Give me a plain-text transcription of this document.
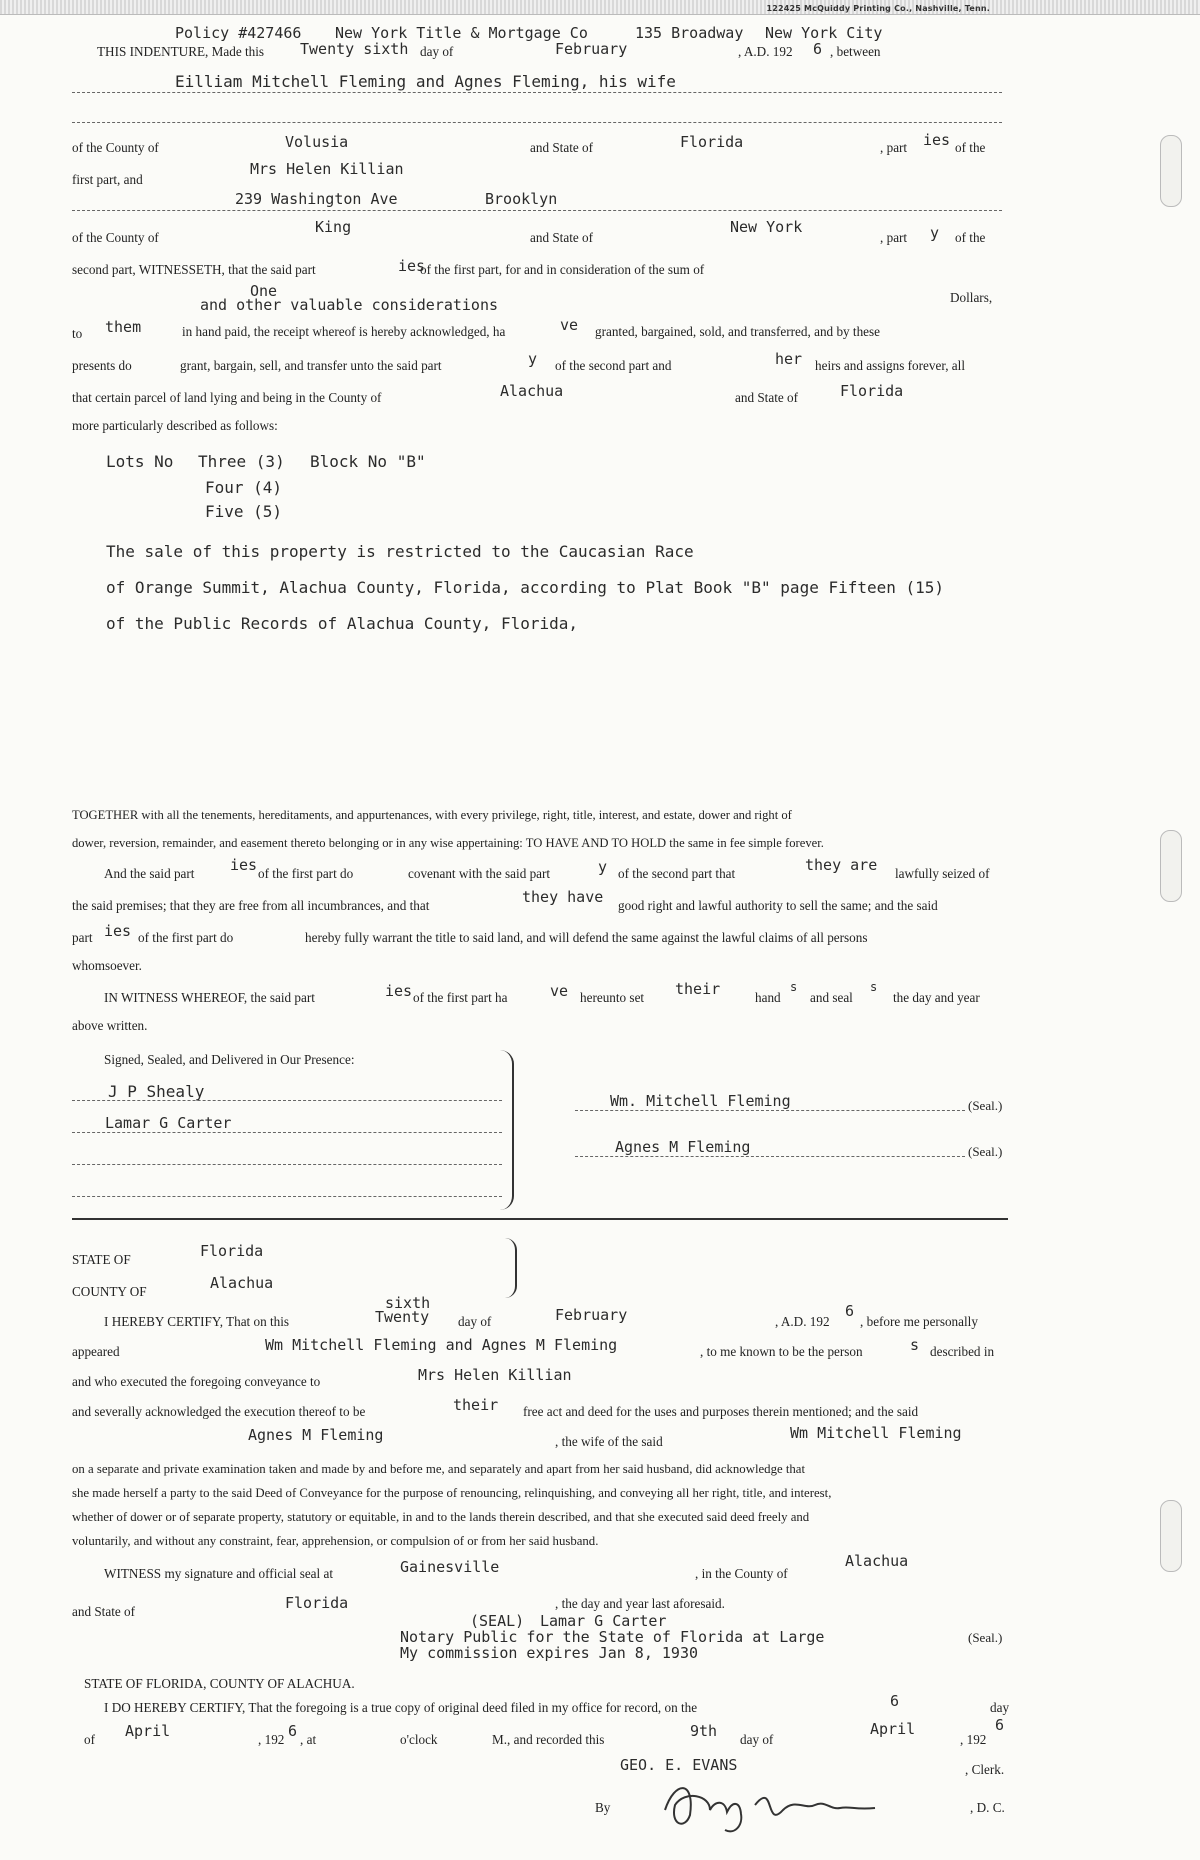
122425 McQuiddy Printing Co., Nashville, Tenn.
Policy #427466 New York Title & Mortgage Co	135 Broadway New York City
THIS INDENTURE, Made this Twenty sixth day of	February	, A.D. 192 6 , between
Eilliam Mitchell Fleming and Agnes Fleming, his wife
of the County of	Volusia	and State of	Florida	, part ies of the
first part, and
Mrs Helen Killian
239 Washington Ave	Brooklyn
of the County of
King
and State of
New York
, part y of the
second part, WITNESSETH, that the said part	ies
of the first part, for and in consideration of the sum of
One
and other valuable considerations	Dollars,
to them	in hand paid, the receipt whereof is hereby acknowledged, ha	ve granted, bargained, sold, and transferred, and by these
presents do	grant, bargain, sell, and transfer unto the said part	y of the second part and	her heirs and assigns forever, all
that certain parcel of land lying and being in the County of	Alachua	and State of	Florida
more particularly described as follows:
Lots No Three (3) Block No "B"
Four (4)
Five (5)
The sale of this property is restricted to the Caucasian Race
of Orange Summit, Alachua County, Florida, according to Plat Book "B" page Fifteen (15)
of the Public Records of Alachua County, Florida,
TOGETHER with all the tenements, hereditaments, and appurtenances, with every privilege, right, title, interest, and estate, dower and right of
dower, reversion, remainder, and easement thereto belonging or in any wise appertaining: TO HAVE AND TO HOLD the same in fee simple forever.
And the said part ies of the first part do	covenant with the said part	y of the second part that	they are lawfully seized of
the said premises; that they are free from all incumbrances, and that	they have good right and lawful authority to sell the same; and the said
part ies of the first part do	hereby fully warrant the title to said land, and will defend the same against the lawful claims of all persons
whomsoever.
IN WITNESS WHEREOF, the said part	ies of the first part ha	ve hereunto set their	hand
s
and seal
s
the day and year
above written.
Signed, Sealed, and Delivered in Our Presence:
J P Shealy
Lamar G Carter
Wm. Mitchell Fleming	(Seal.)
Agnes M Fleming	(Seal.)
STATE OF	Florida
COUNTY OF	Alachua
sixth
I HEREBY CERTIFY, That on this	Twenty day of	February	, A.D. 192
6
, before me personally
appeared	Wm Mitchell Fleming and Agnes M Fleming	, to me known to be the person	s described in
and who executed the foregoing conveyance to	Mrs Helen Killian
and severally acknowledged the execution thereof to be	their free act and deed for the uses and purposes therein mentioned; and the said
Agnes M Fleming	, the wife of the said	Wm Mitchell Fleming
on a separate and private examination taken and made by and before me, and separately and apart from her said husband, did acknowledge that
she made herself a party to the said Deed of Conveyance for the purpose of renouncing, relinquishing, and conveying all her right, title, and interest,
whether of dower or of separate property, statutory or equitable, in and to the lands therein described, and that she executed said deed freely and
voluntarily, and without any constraint, fear, apprehension, or compulsion of or from her said husband.
WITNESS my signature and official seal at	Gainesville	, in the County of
Alachua
and State of	Florida	, the day and year last aforesaid.
(SEAL) Lamar G Carter
Notary Public for the State of Florida at Large	(Seal.)
My commission expires Jan 8, 1930
STATE OF FLORIDA, COUNTY OF ALACHUA.
I DO HEREBY CERTIFY, That the foregoing is a true copy of original deed filed in my office for record, on the	6	day
of April	, 192 6 , at	o'clock	M., and recorded this	9th day of
April
, 192
6
GEO. E. EVANS	, Clerk.
By	, D. C.
